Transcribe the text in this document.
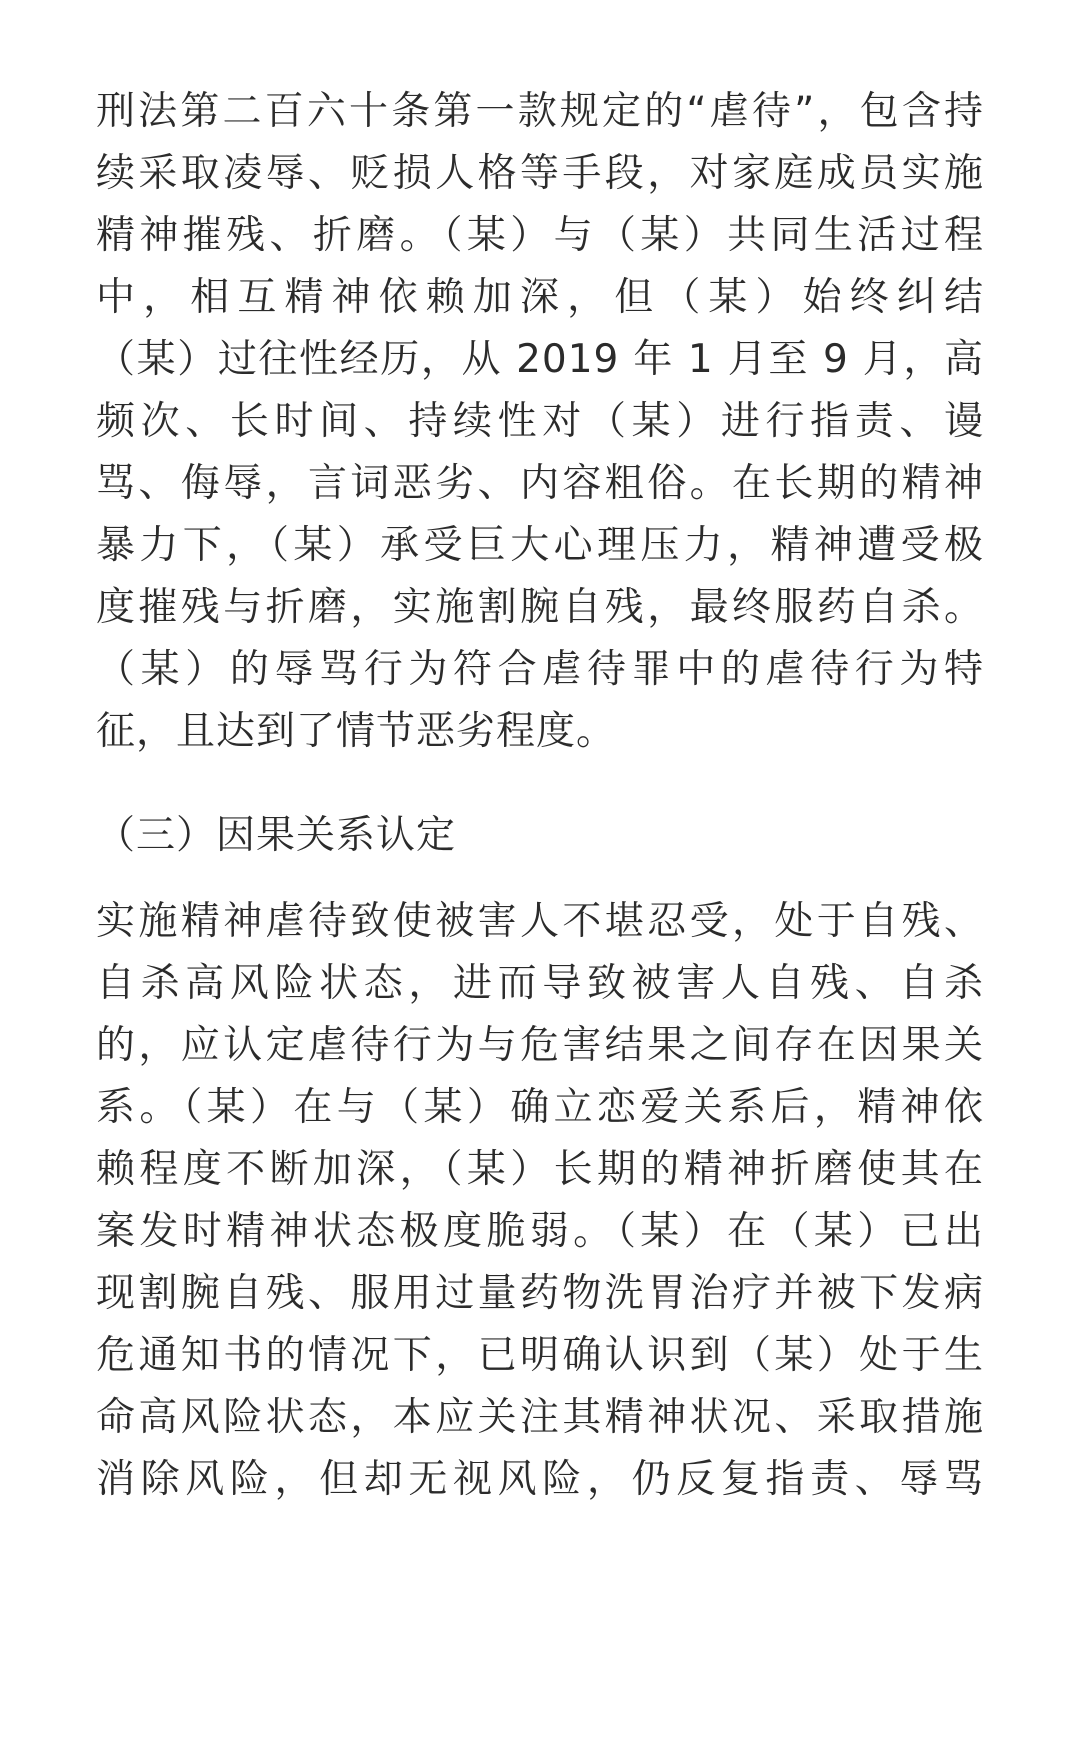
刑法第二百六十条第一款规定的“虐待”，包含持
续采取凌辱、贬损人格等手段，对家庭成员实施
精神摧残、折磨。（某）与（某）共同生活过程
中，相互精神依赖加深，但（某）始终纠结
（某）过往性经历，从 2019 年 1 月至 9 月，高
频次、长时间、持续性对（某）进行指责、谩
骂、侮辱，言词恶劣、内容粗俗。在长期的精神
暴力下，（某）承受巨大心理压力，精神遭受极
度摧残与折磨，实施割腕自残，最终服药自杀。
（某）的辱骂行为符合虐待罪中的虐待行为特
征，且达到了情节恶劣程度。
（三）因果关系认定
实施精神虐待致使被害人不堪忍受，处于自残、
自杀高风险状态，进而导致被害人自残、自杀
的，应认定虐待行为与危害结果之间存在因果关
系。（某）在与（某）确立恋爱关系后，精神依
赖程度不断加深，（某）长期的精神折磨使其在
案发时精神状态极度脆弱。（某）在（某）已出
现割腕自残、服用过量药物洗胃治疗并被下发病
危通知书的情况下，已明确认识到（某）处于生
命高风险状态，本应关注其精神状况、采取措施
消除风险，但却无视风险，仍反复指责、辱骂
